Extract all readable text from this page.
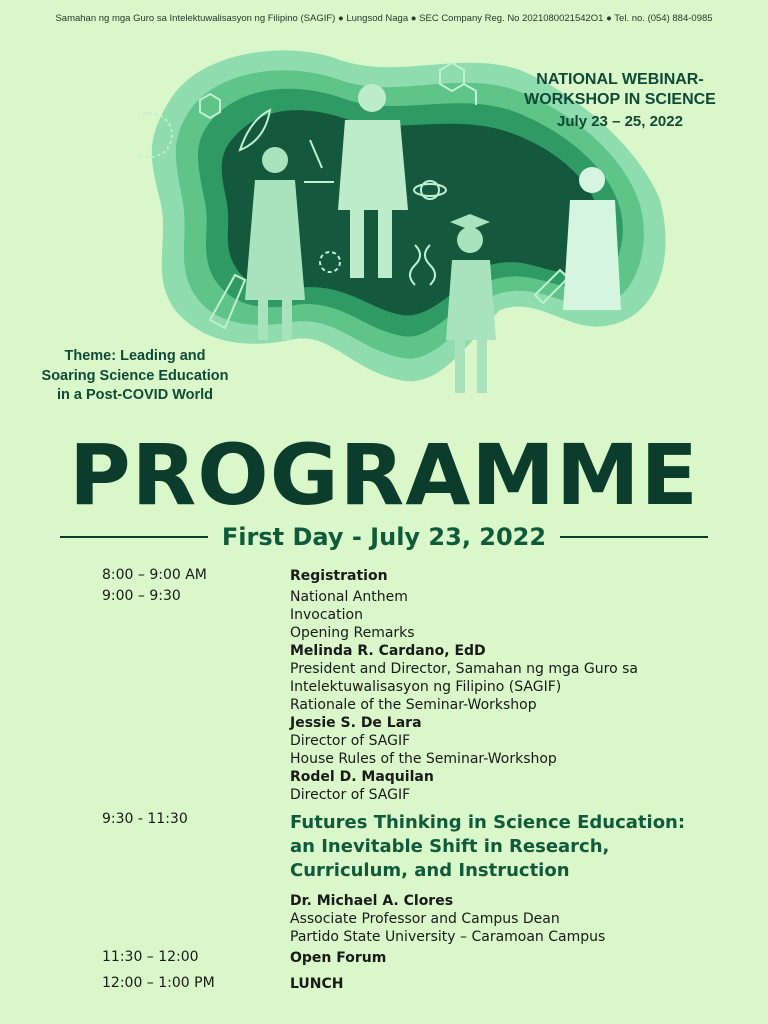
Samahan ng mga Guro sa Intelektuwalisasyon ng Filipino (SAGIF) ● Lungsod Naga ● SEC Company Reg. No 2021080021542O1 ● Tel. no. (054) 884-0985
NATIONAL WEBINAR-
WORKSHOP IN SCIENCE
July 23 – 25, 2022
Theme: Leading and
Soaring Science Education
in a Post-COVID World
PROGRAMME
First Day - July 23, 2022
8:00 – 9:00 AM	Registration
9:00 – 9:30	National Anthem
Invocation
Opening Remarks
Melinda R. Cardano, EdD
President and Director, Samahan ng mga Guro sa
Intelektuwalisasyon ng Filipino (SAGIF)
Rationale of the Seminar-Workshop
Jessie S. De Lara
Director of SAGIF
House Rules of the Seminar-Workshop
Rodel D. Maquilan
Director of SAGIF
9:30 - 11:30	Futures Thinking in Science Education:
an Inevitable Shift in Research,
Curriculum, and Instruction
Dr. Michael A. Clores
Associate Professor and Campus Dean
Partido State University – Caramoan Campus
11:30 – 12:00	Open Forum
12:00 – 1:00 PM	LUNCH
